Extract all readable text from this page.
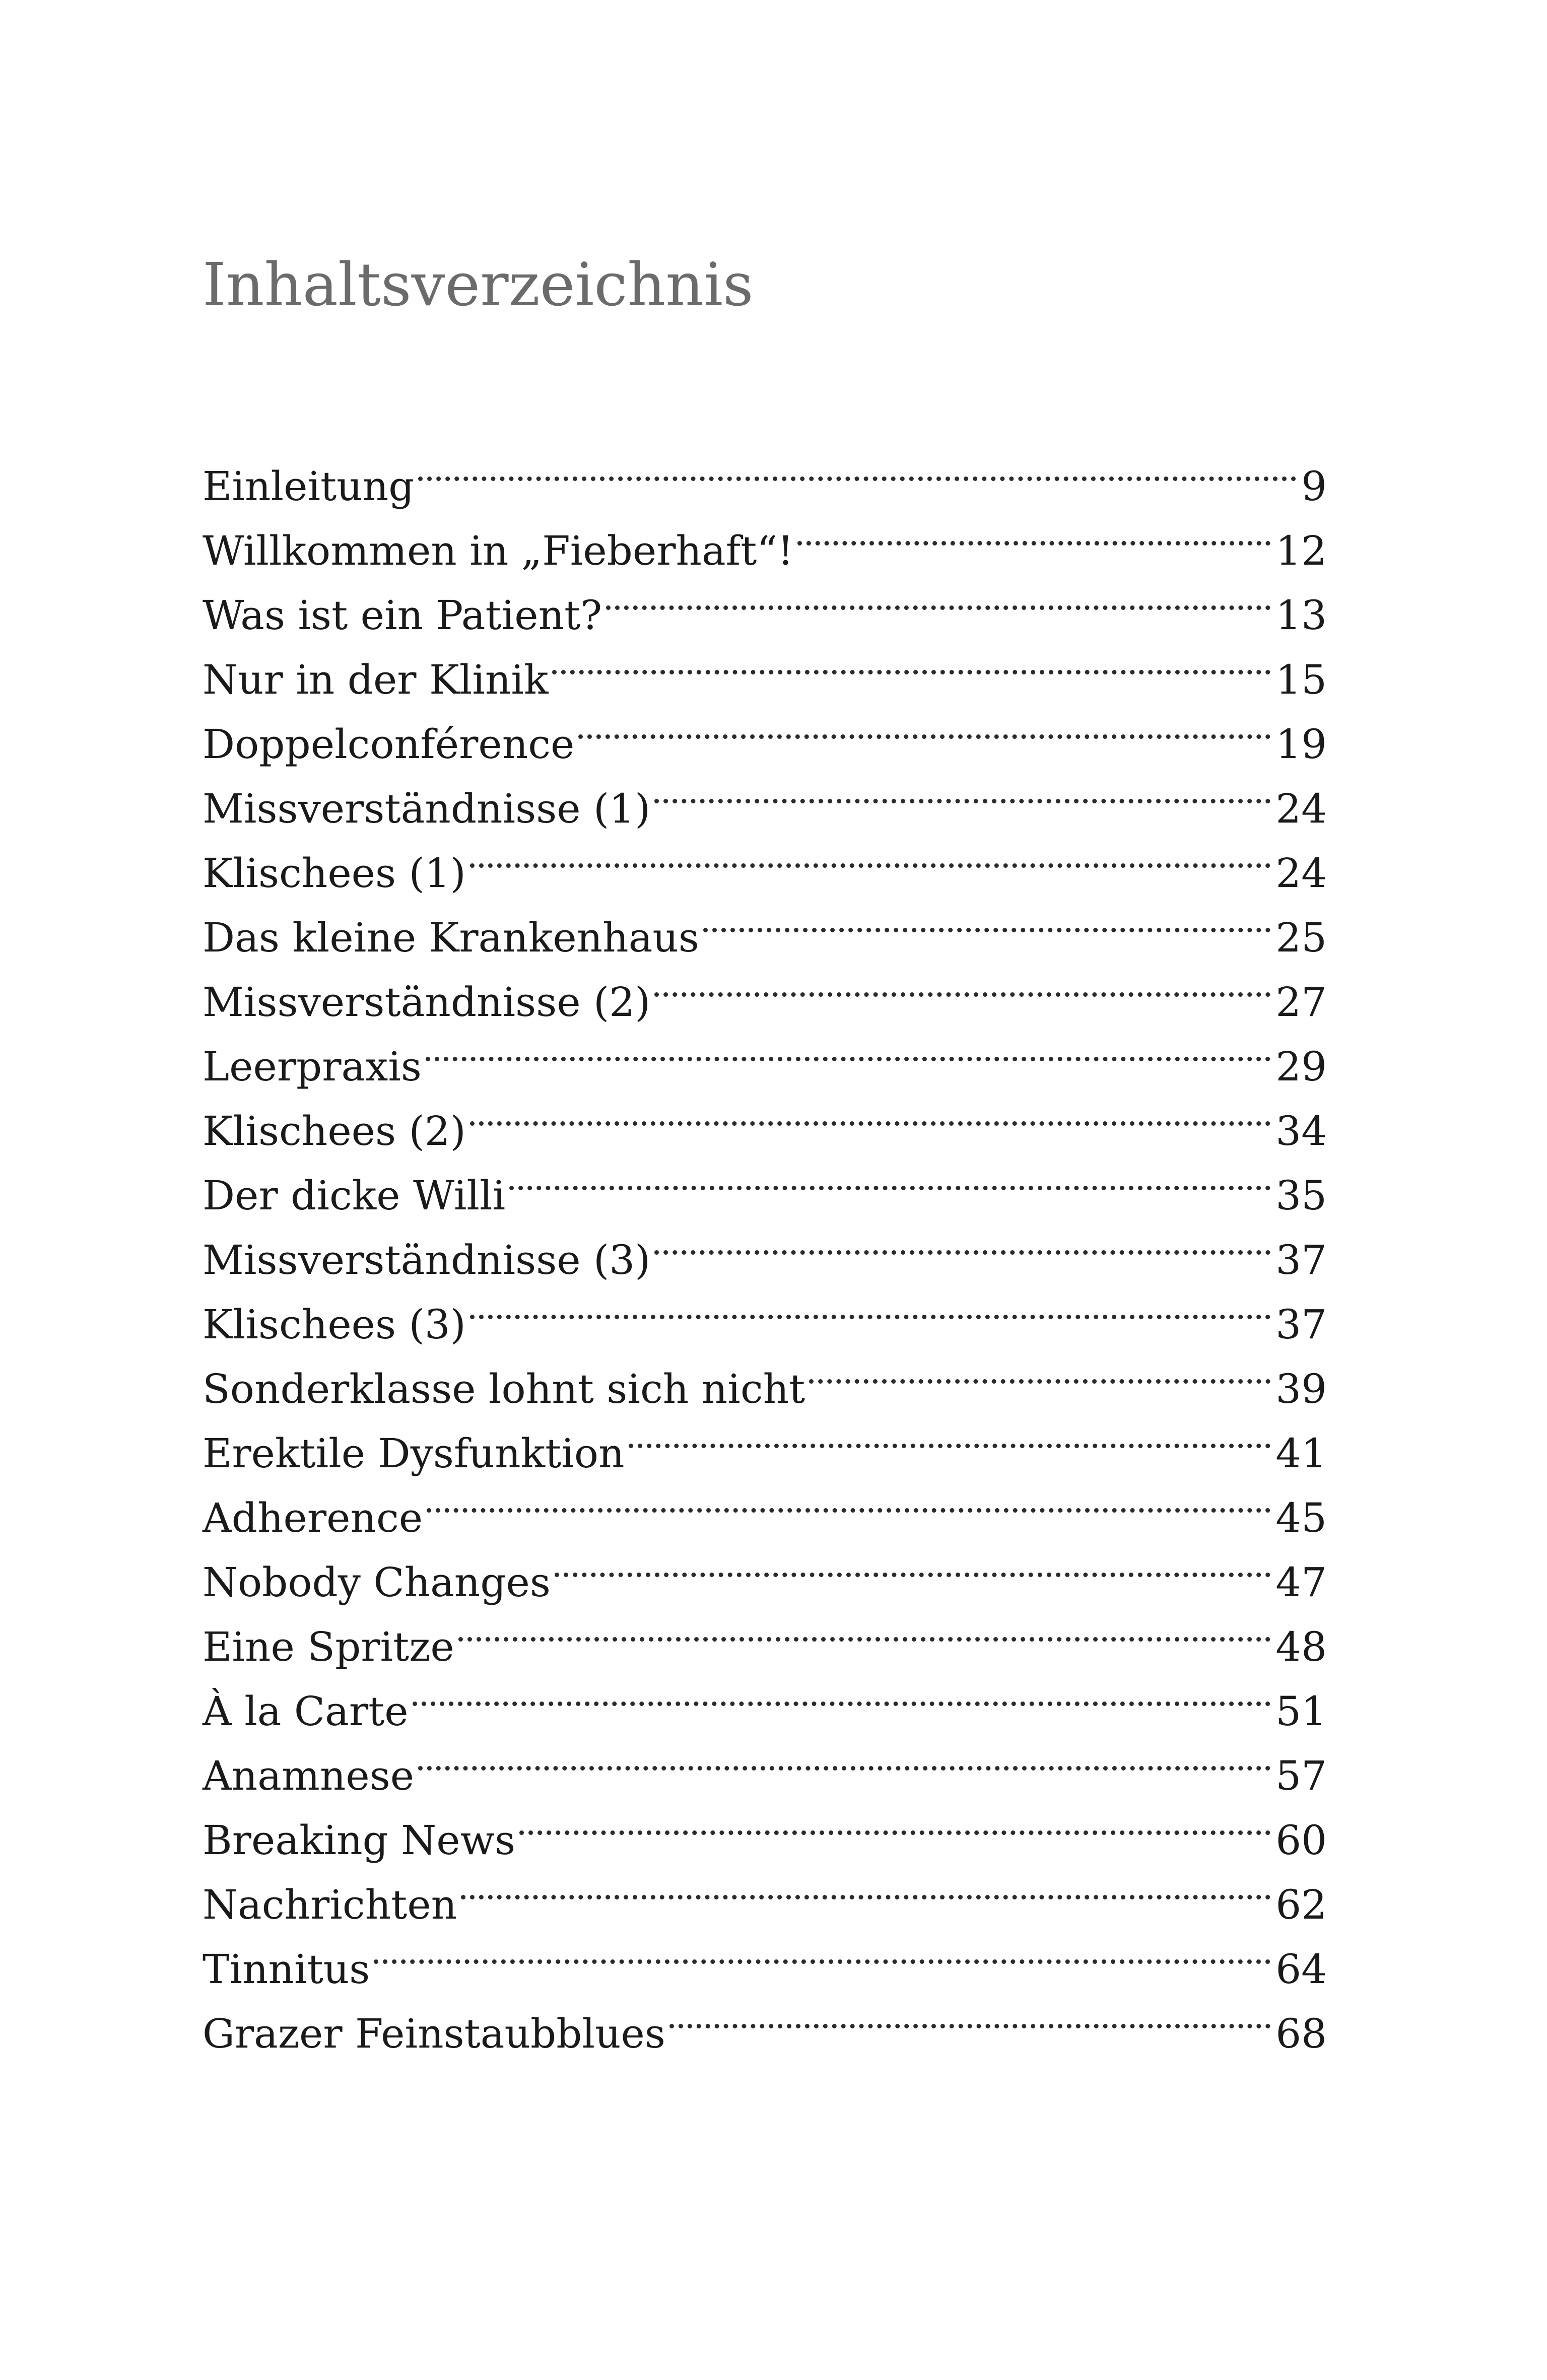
Inhaltsverzeichnis
Einleitung	9
Willkommen in „Fieberhaft“!	12
Was ist ein Patient?	13
Nur in der Klinik	15
Doppelconférence	19
Missverständnisse (1)	24
Klischees (1)	24
Das kleine Krankenhaus	25
Missverständnisse (2)	27
Leerpraxis	29
Klischees (2)	34
Der dicke Willi	35
Missverständnisse (3)	37
Klischees (3)	37
Sonderklasse lohnt sich nicht	39
Erektile Dysfunktion	41
Adherence	45
Nobody Changes	47
Eine Spritze	48
À la Carte	51
Anamnese	57
Breaking News	60
Nachrichten	62
Tinnitus	64
Grazer Feinstaubblues	68
